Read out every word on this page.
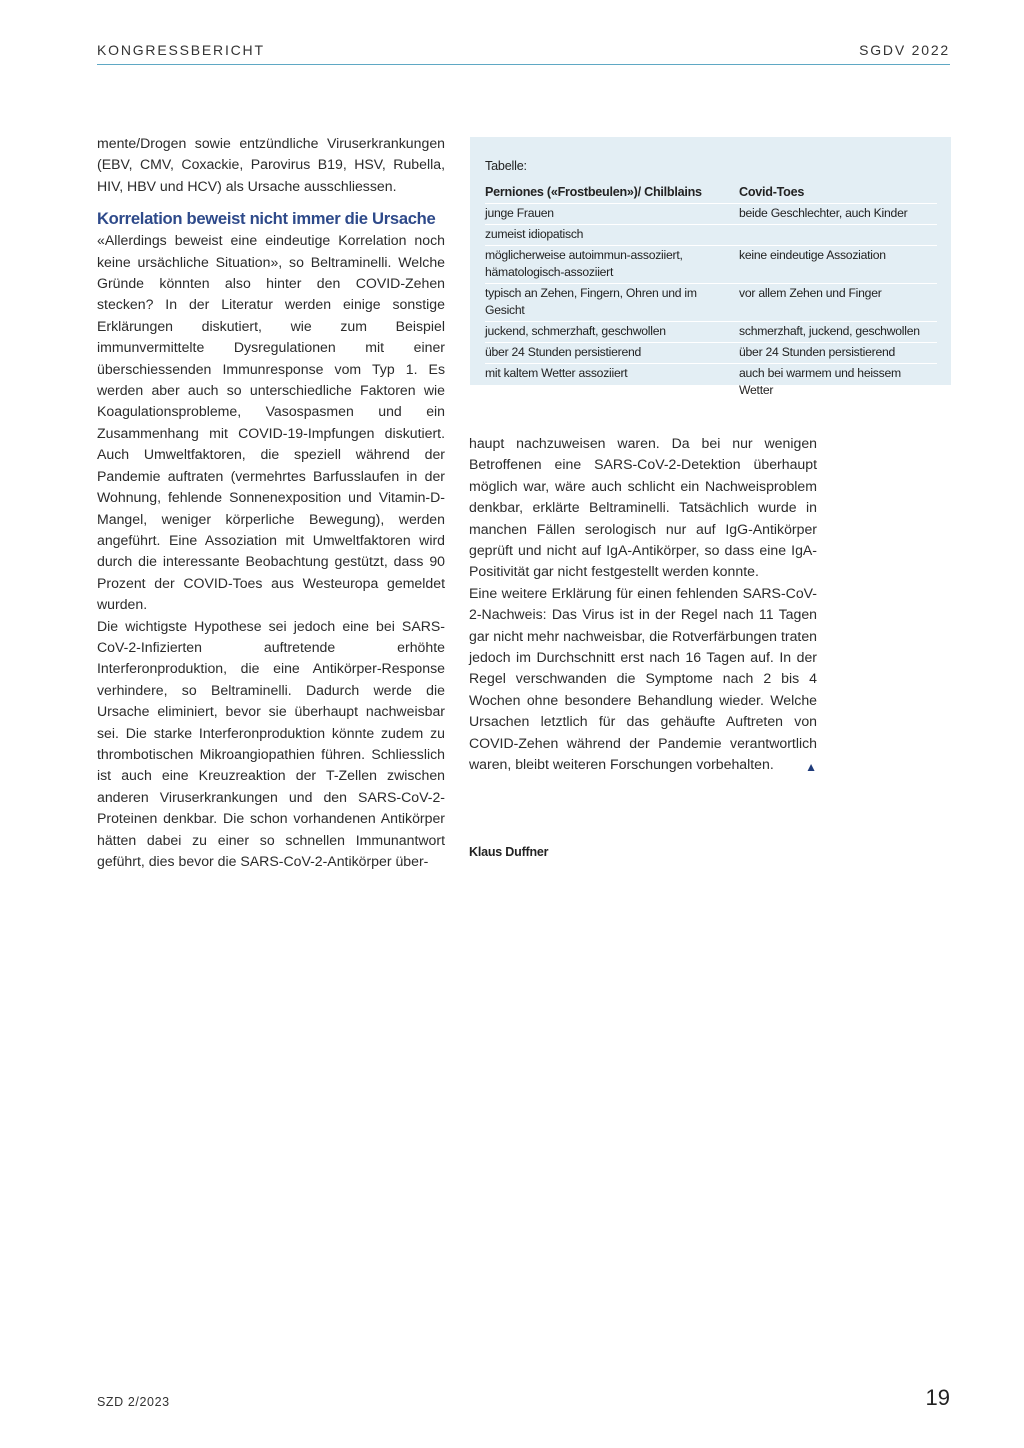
KONGRESSBERICHT	SGDV 2022

mente/Drogen sowie entzündliche Viruserkrankungen (EBV, CMV, Coxackie, Parovirus B19, HSV, Rubella, HIV, HBV und HCV) als Ursache ausschliessen.

Korrelation beweist nicht immer die Ursache

«Allerdings beweist eine eindeutige Korrelation noch keine ursächliche Situation», so Beltraminelli. Welche Gründe könnten also hinter den COVID-Zehen stecken? In der Literatur werden einige sonstige Erklärungen diskutiert, wie zum Beispiel immunvermittelte Dysregulationen mit einer überschiessenden Immunresponse vom Typ 1. Es werden aber auch so unterschiedliche Faktoren wie Koagulationsprobleme, Vasospasmen und ein Zusammenhang mit COVID-19-Impfungen diskutiert. Auch Umweltfaktoren, die speziell während der Pandemie auftraten (vermehrtes Barfusslaufen in der Wohnung, fehlende Sonnenexposition und Vitamin-D-Mangel, weniger körperliche Bewegung), werden angeführt. Eine Assoziation mit Umweltfaktoren wird durch die interessante Beobachtung gestützt, dass 90 Prozent der COVID-Toes aus Westeuropa gemeldet wurden.

Die wichtigste Hypothese sei jedoch eine bei SARS-CoV-2-Infizierten auftretende erhöhte Interferonproduktion, die eine Antikörper-Response verhindere, so Beltraminelli. Dadurch werde die Ursache eliminiert, bevor sie überhaupt nachweisbar sei. Die starke Interferonproduktion könnte zudem zu thrombotischen Mikroangiopathien führen. Schliesslich ist auch eine Kreuzreaktion der T-Zellen zwischen anderen Viruserkrankungen und den SARS-CoV-2-Proteinen denkbar. Die schon vorhandenen Antikörper hätten dabei zu einer so schnellen Immunantwort geführt, dies bevor die SARS-CoV-2-Antikörper über-

Tabelle:
Perniones («Frostbeulen»)/ Chilblains	Covid-Toes
junge Frauen	beide Geschlechter, auch Kinder
zumeist idiopatisch	
möglicherweise autoimmun-assoziiert, hämatologisch-assoziiert	keine eindeutige Assoziation
typisch an Zehen, Fingern, Ohren und im Gesicht	vor allem Zehen und Finger
juckend, schmerzhaft, geschwollen	schmerzhaft, juckend, geschwollen
über 24 Stunden persistierend	über 24 Stunden persistierend
mit kaltem Wetter assoziiert	auch bei warmem und heissem Wetter

haupt nachzuweisen waren. Da bei nur wenigen Betroffenen eine SARS-CoV-2-Detektion überhaupt möglich war, wäre auch schlicht ein Nachweisproblem denkbar, erklärte Beltraminelli. Tatsächlich wurde in manchen Fällen serologisch nur auf IgG-Antikörper geprüft und nicht auf IgA-Antikörper, so dass eine IgA-Positivität gar nicht festgestellt werden konnte.

Eine weitere Erklärung für einen fehlenden SARS-CoV-2-Nachweis: Das Virus ist in der Regel nach 11 Tagen gar nicht mehr nachweisbar, die Rotverfärbungen traten jedoch im Durchschnitt erst nach 16 Tagen auf. In der Regel verschwanden die Symptome nach 2 bis 4 Wochen ohne besondere Behandlung wieder. Welche Ursachen letztlich für das gehäufte Auftreten von COVID-Zehen während der Pandemie verantwortlich waren, bleibt weiteren Forschungen vorbehalten.	▲
Klaus Duffner
SZD 2/2023	19
